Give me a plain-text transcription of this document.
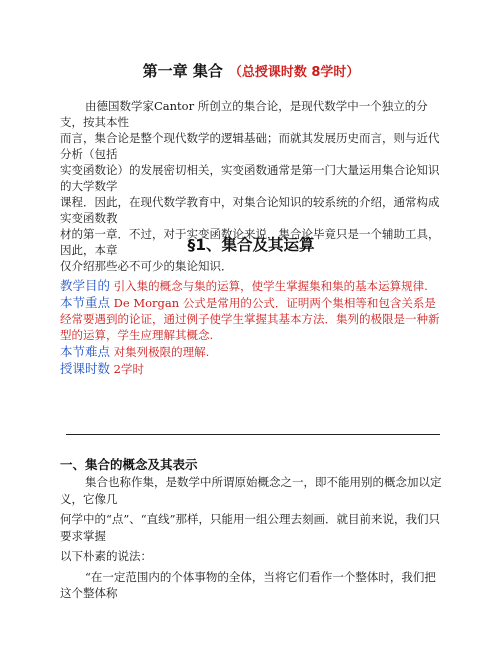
第一章 集合 （总授课时数 8学时）

由德国数学家Cantor 所创立的集合论，是现代数学中一个独立的分支，按其本性

而言，集合论是整个现代数学的逻辑基础；而就其发展历史而言，则与近代分析（包括

实变函数论）的发展密切相关，实变函数通常是第一门大量运用集合论知识的大学数学

课程．因此，在现代数学教育中，对集合论知识的较系统的介绍，通常构成实变函数教

材的第一章．不过，对于实变函数论来说，集合论毕竟只是一个辅助工具，因此，本章

仅介绍那些必不可少的集论知识．

§1、集合及其运算

教学目的 引入集的概念与集的运算，使学生掌握集和集的基本运算规律.

本节重点 De Morgan 公式是常用的公式．证明两个集相等和包含关系是经常要遇到的论证，通过例子使学生掌握其基本方法．集列的极限是一种新型的运算，学生应理解其概念.

本节难点 对集列极限的理解.

授课时数 2学时

一、集合的概念及其表示

集合也称作集，是数学中所谓原始概念之一，即不能用别的概念加以定义，它像几

何学中的“点”、“直线”那样，只能用一组公理去刻画．就目前来说，我们只要求掌握

以下朴素的说法：

“在一定范围内的个体事物的全体，当将它们看作一个整体时，我们把这个整体称
